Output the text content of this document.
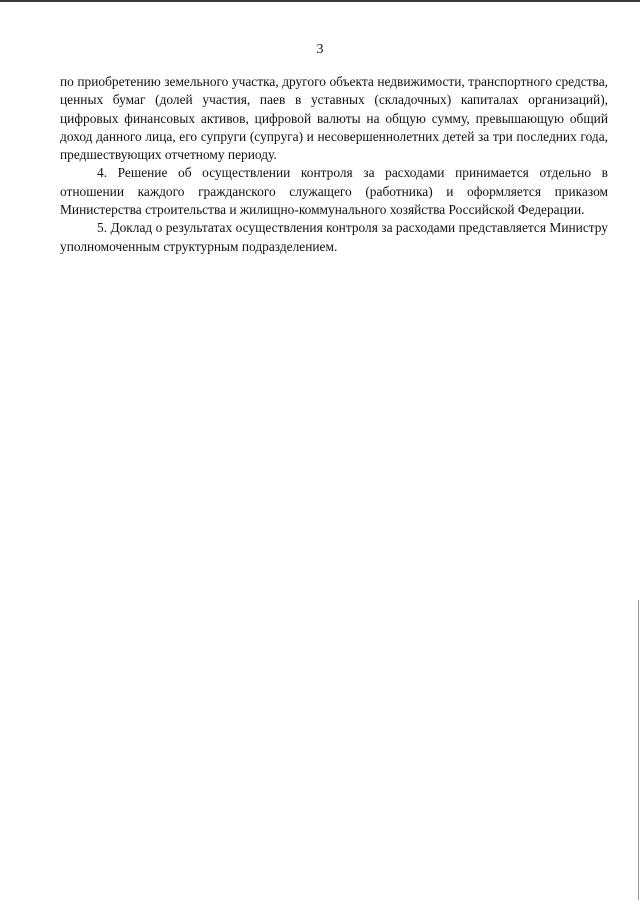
3

по приобретению земельного участка, другого объекта недвижимости, транспортного средства, ценных бумаг (долей участия, паев в уставных (складочных) капиталах организаций), цифровых финансовых активов, цифровой валюты на общую сумму, превышающую общий доход данного лица, его супруги (супруга) и несовершеннолетних детей за три последних года, предшествующих отчетному периоду.

4. Решение об осуществлении контроля за расходами принимается отдельно в отношении каждого гражданского служащего (работника) и оформляется приказом Министерства строительства и жилищно-коммунального хозяйства Российской Федерации.

5. Доклад о результатах осуществления контроля за расходами представляется Министру уполномоченным структурным подразделением.
